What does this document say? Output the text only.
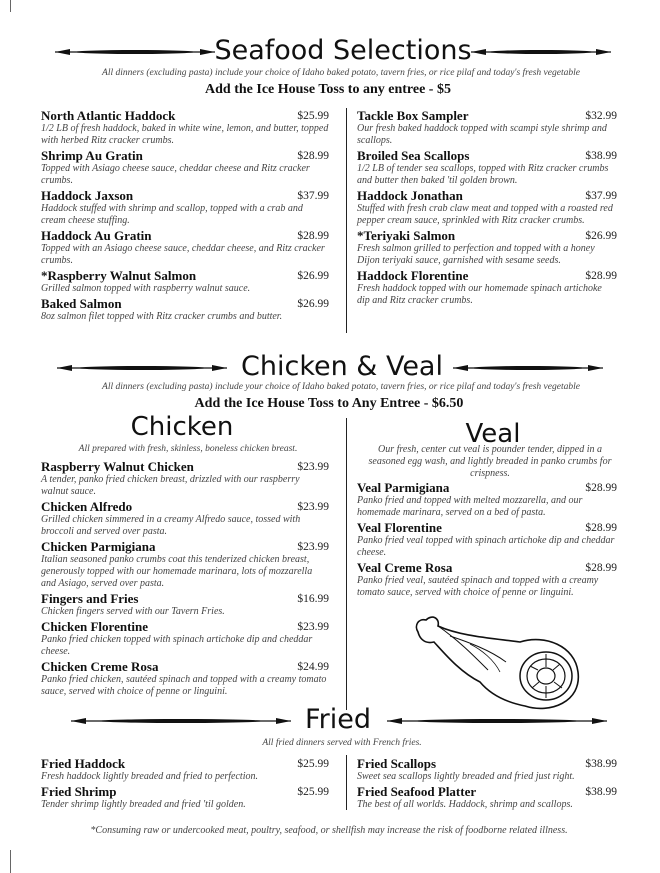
Seafood Selections
All dinners (excluding pasta) include your choice of Idaho baked potato, tavern fries, or rice pilaf and today's fresh vegetable
Add the Ice House Toss to any entree - $5
North Atlantic Haddock	$25.99
1/2 LB of fresh haddock, baked in white wine, lemon, and butter, topped with herbed Ritz cracker crumbs.
Shrimp Au Gratin	$28.99
Topped with Asiago cheese sauce, cheddar cheese and Ritz cracker crumbs.
Haddock Jaxson	$37.99
Haddock stuffed with shrimp and scallop, topped with a crab and cream cheese stuffing.
Haddock Au Gratin	$28.99
Topped with an Asiago cheese sauce, cheddar cheese, and Ritz cracker crumbs.
*Raspberry Walnut Salmon	$26.99
Grilled salmon topped with raspberry walnut sauce.
Baked Salmon	$26.99
8oz salmon filet topped with Ritz cracker crumbs and butter.
Tackle Box Sampler	$32.99
Our fresh baked haddock topped with scampi style shrimp and scallops.
Broiled Sea Scallops	$38.99
1/2 LB of tender sea scallops, topped with Ritz cracker crumbs and butter then baked 'til golden brown.
Haddock Jonathan	$37.99
Stuffed with fresh crab claw meat and topped with a roasted red pepper cream sauce, sprinkled with Ritz cracker crumbs.
*Teriyaki Salmon	$26.99
Fresh salmon grilled to perfection and topped with a honey Dijon teriyaki sauce, garnished with sesame seeds.
Haddock Florentine	$28.99
Fresh haddock topped with our homemade spinach artichoke dip and Ritz cracker crumbs.
Chicken & Veal
All dinners (excluding pasta) include your choice of Idaho baked potato, tavern fries, or rice pilaf and today's fresh vegetable
Add the Ice House Toss to Any Entree - $6.50
Chicken
All prepared with fresh, skinless, boneless chicken breast.
Raspberry Walnut Chicken	$23.99
A tender, panko fried chicken breast, drizzled with our raspberry walnut sauce.
Chicken Alfredo	$23.99
Grilled chicken simmered in a creamy Alfredo sauce, tossed with broccoli and served over pasta.
Chicken Parmigiana	$23.99
Italian seasoned panko crumbs coat this tenderized chicken breast, generously topped with our homemade marinara, lots of mozzarella and Asiago, served over pasta.
Fingers and Fries	$16.99
Chicken fingers served with our Tavern Fries.
Chicken Florentine	$23.99
Panko fried chicken topped with spinach artichoke dip and cheddar cheese.
Chicken Creme Rosa	$24.99
Panko fried chicken, sautéed spinach and topped with a creamy tomato sauce, served with choice of penne or linguini.
Veal
Our fresh, center cut veal is pounder tender, dipped in a seasoned egg wash, and lightly breaded in panko crumbs for crispness.
Veal Parmigiana	$28.99
Panko fried and topped with melted mozzarella, and our homemade marinara, served on a bed of pasta.
Veal Florentine	$28.99
Panko fried veal topped with spinach artichoke dip and cheddar cheese.
Veal Creme Rosa	$28.99
Panko fried veal, sautéed spinach and topped with a creamy tomato sauce, served with choice of penne or linguini.
Fried
All fried dinners served with French fries.
Fried Haddock	$25.99
Fresh haddock lightly breaded and fried to perfection.
Fried Shrimp	$25.99
Tender shrimp lightly breaded and fried 'til golden.
Fried Scallops	$38.99
Sweet sea scallops lightly breaded and fried just right.
Fried Seafood Platter	$38.99
The best of all worlds. Haddock, shrimp and scallops.
*Consuming raw or undercooked meat, poultry, seafood, or shellfish may increase the risk of foodborne related illness.
